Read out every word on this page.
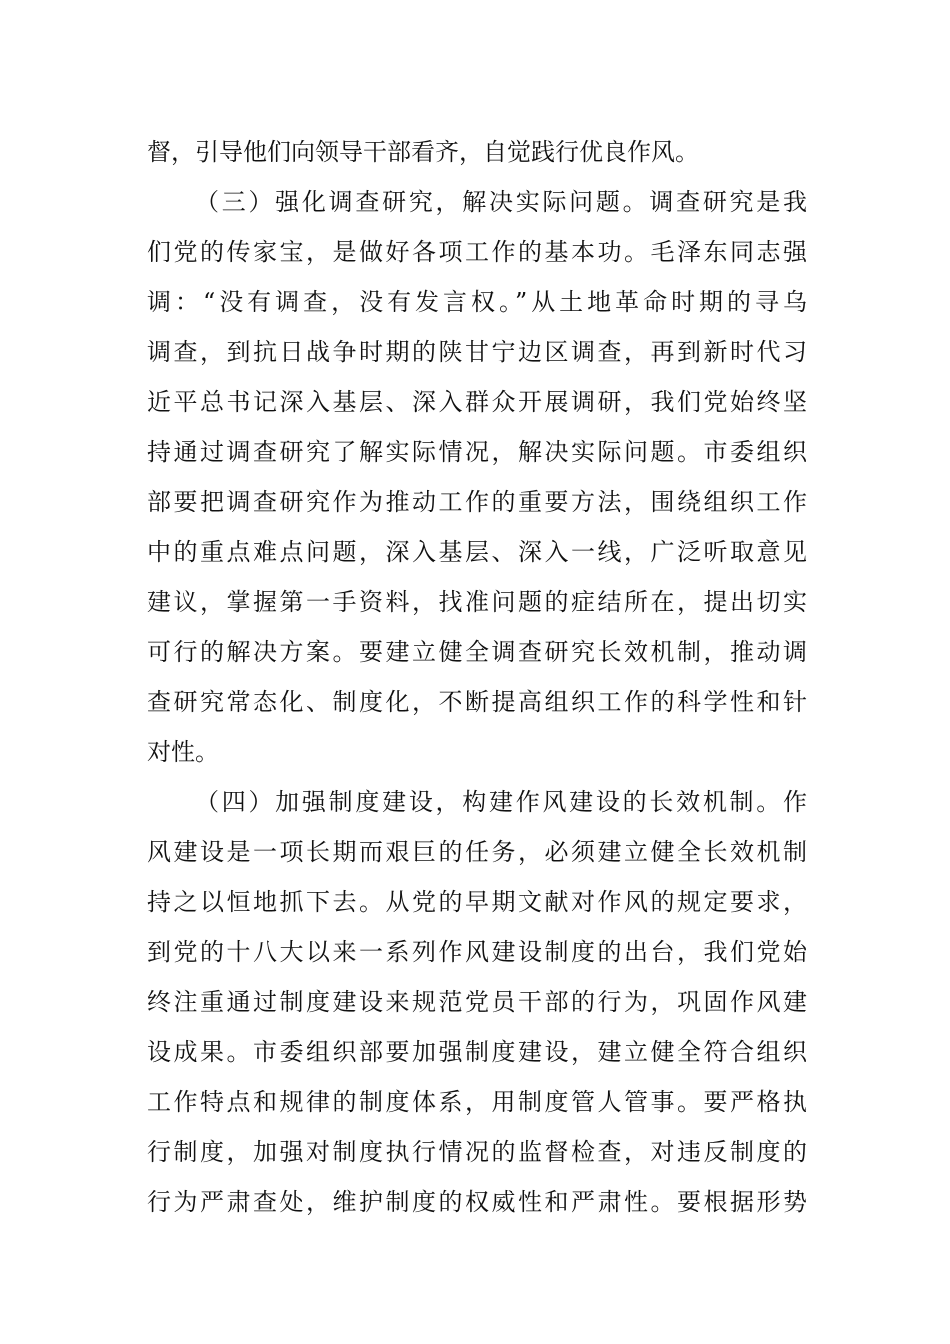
督，引导他们向领导干部看齐，自觉践行优良作风。
（三）强化调查研究，解决实际问题。调查研究是我
们党的传家宝，是做好各项工作的基本功。毛泽东同志强
调：“没有调查，没有发言权。”从土地革命时期的寻乌
调查，到抗日战争时期的陕甘宁边区调查，再到新时代习
近平总书记深入基层、深入群众开展调研，我们党始终坚
持通过调查研究了解实际情况，解决实际问题。市委组织
部要把调查研究作为推动工作的重要方法，围绕组织工作
中的重点难点问题，深入基层、深入一线，广泛听取意见
建议，掌握第一手资料，找准问题的症结所在，提出切实
可行的解决方案。要建立健全调查研究长效机制，推动调
查研究常态化、制度化，不断提高组织工作的科学性和针
对性。
（四）加强制度建设，构建作风建设的长效机制。作
风建设是一项长期而艰巨的任务，必须建立健全长效机制
持之以恒地抓下去。从党的早期文献对作风的规定要求，
到党的十八大以来一系列作风建设制度的出台，我们党始
终注重通过制度建设来规范党员干部的行为，巩固作风建
设成果。市委组织部要加强制度建设，建立健全符合组织
工作特点和规律的制度体系，用制度管人管事。要严格执
行制度，加强对制度执行情况的监督检查，对违反制度的
行为严肃查处，维护制度的权威性和严肃性。要根据形势
